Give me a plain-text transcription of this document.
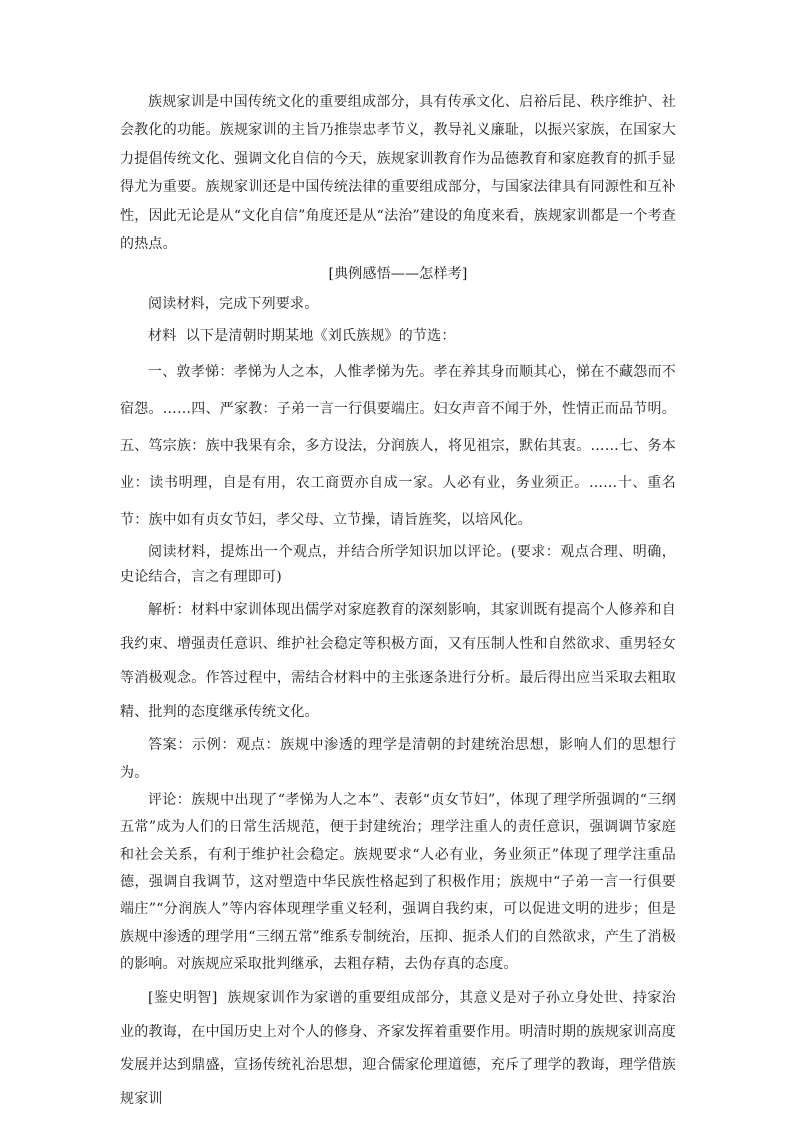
族规家训是中国传统文化的重要组成部分，具有传承文化、启裕后昆、秩序维护、社会教化的功能。族规家训的主旨乃推崇忠孝节义，教导礼义廉耻，以振兴家族，在国家大力提倡传统文化、强调文化自信的今天，族规家训教育作为品德教育和家庭教育的抓手显得尤为重要。族规家训还是中国传统法律的重要组成部分，与国家法律具有同源性和互补性，因此无论是从“文化自信”角度还是从“法治”建设的角度来看，族规家训都是一个考查的热点。

[典例感悟——怎样考]

阅读材料，完成下列要求。

材料 以下是清朝时期某地《刘氏族规》的节选：

一、敦孝悌：孝悌为人之本，人惟孝悌为先。孝在养其身而顺其心，悌在不藏怨而不宿怨。……四、严家教：子弟一言一行俱要端庄。妇女声音不闻于外，性情正而品节明。五、笃宗族：族中我果有余，多方设法，分润族人，将见祖宗，默佑其衷。……七、务本业：读书明理，自是有用，农工商贾亦自成一家。人必有业，务业须正。……十、重名节：族中如有贞女节妇，孝父母、立节操，请旨旌奖，以培风化。

阅读材料，提炼出一个观点，并结合所学知识加以评论。(要求：观点合理、明确，史论结合，言之有理即可)

解析：材料中家训体现出儒学对家庭教育的深刻影响，其家训既有提高个人修养和自我约束、增强责任意识、维护社会稳定等积极方面，又有压制人性和自然欲求、重男轻女等消极观念。作答过程中，需结合材料中的主张逐条进行分析。最后得出应当采取去粗取精、批判的态度继承传统文化。

答案：示例：观点：族规中渗透的理学是清朝的封建统治思想，影响人们的思想行为。

评论：族规中出现了“孝悌为人之本”、表彰“贞女节妇”，体现了理学所强调的“三纲五常”成为人们的日常生活规范，便于封建统治；理学注重人的责任意识，强调调节家庭和社会关系，有利于维护社会稳定。族规要求“人必有业，务业须正”体现了理学注重品德，强调自我调节，这对塑造中华民族性格起到了积极作用；族规中“子弟一言一行俱要端庄”“分润族人”等内容体现理学重义轻利，强调自我约束，可以促进文明的进步；但是族规中渗透的理学用“三纲五常”维系专制统治，压抑、扼杀人们的自然欲求，产生了消极的影响。对族规应采取批判继承，去粗存精，去伪存真的态度。

[鉴史明智] 族规家训作为家谱的重要组成部分，其意义是对子孙立身处世、持家治业的教诲，在中国历史上对个人的修身、齐家发挥着重要作用。明清时期的族规家训高度发展并达到鼎盛，宣扬传统礼治思想，迎合儒家伦理道德，充斥了理学的教诲，理学借族规家训
